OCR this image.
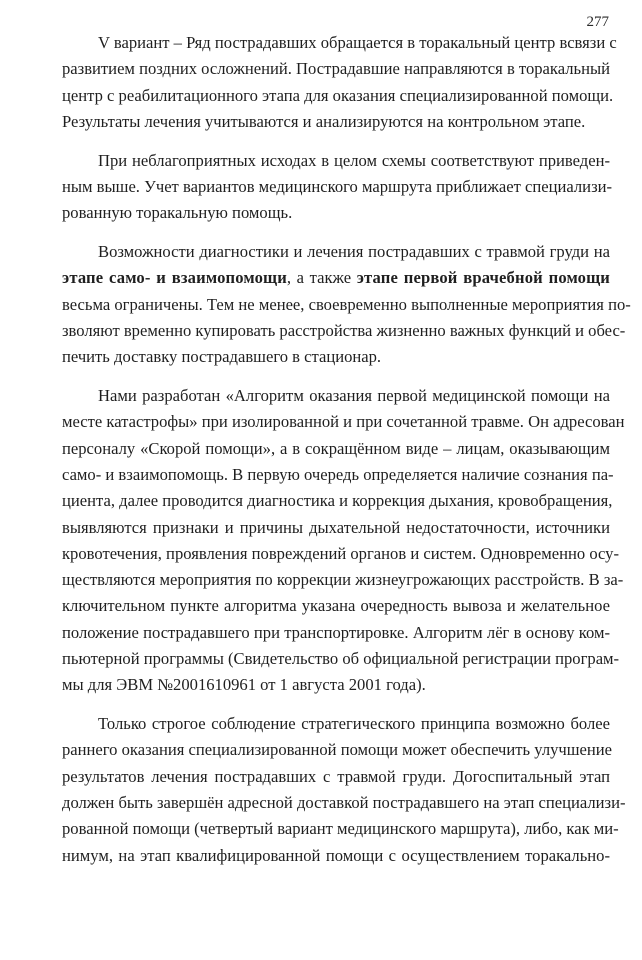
277
V вариант – Ряд пострадавших обращается в торакальный центр всвязи с
развитием поздних осложнений. Пострадавшие направляются в торакальный
центр с реабилитационного этапа для оказания специализированной помощи.
Результаты лечения учитываются и анализируются на контрольном этапе.
При неблагоприятных исходах в целом схемы соответствуют приведен-
ным выше. Учет вариантов медицинского маршрута приближает специализи-
рованную торакальную помощь.
Возможности диагностики и лечения пострадавших с травмой груди на
этапе само- и взаимопомощи, а также этапе первой врачебной помощи
весьма ограничены. Тем не менее, своевременно выполненные мероприятия по-
зволяют временно купировать расстройства жизненно важных функций и обес-
печить доставку пострадавшего в стационар.
Нами разработан «Алгоритм оказания первой медицинской помощи на
месте катастрофы» при изолированной и при сочетанной травме. Он адресован
персоналу «Скорой помощи», а в сокращённом виде – лицам, оказывающим
само- и взаимопомощь. В первую очередь определяется наличие сознания па-
циента, далее проводится диагностика и коррекция дыхания, кровобращения,
выявляются признаки и причины дыхательной недостаточности, источники
кровотечения, проявления повреждений органов и систем. Одновременно осу-
ществляются мероприятия по коррекции жизнеугрожающих расстройств. В за-
ключительном пункте алгоритма указана очередность вывоза и желательное
положение пострадавшего при транспортировке. Алгоритм лёг в основу ком-
пьютерной программы (Свидетельство об официальной регистрации програм-
мы для ЭВМ №2001610961 от 1 августа 2001 года).
Только строгое соблюдение стратегического принципа возможно более
раннего оказания специализированной помощи может обеспечить улучшение
результатов лечения пострадавших с травмой груди. Догоспитальный этап
должен быть завершён адресной доставкой пострадавшего на этап специализи-
рованной помощи (четвертый вариант медицинского маршрута), либо, как ми-
нимум, на этап квалифицированной помощи с осуществлением торакально-
